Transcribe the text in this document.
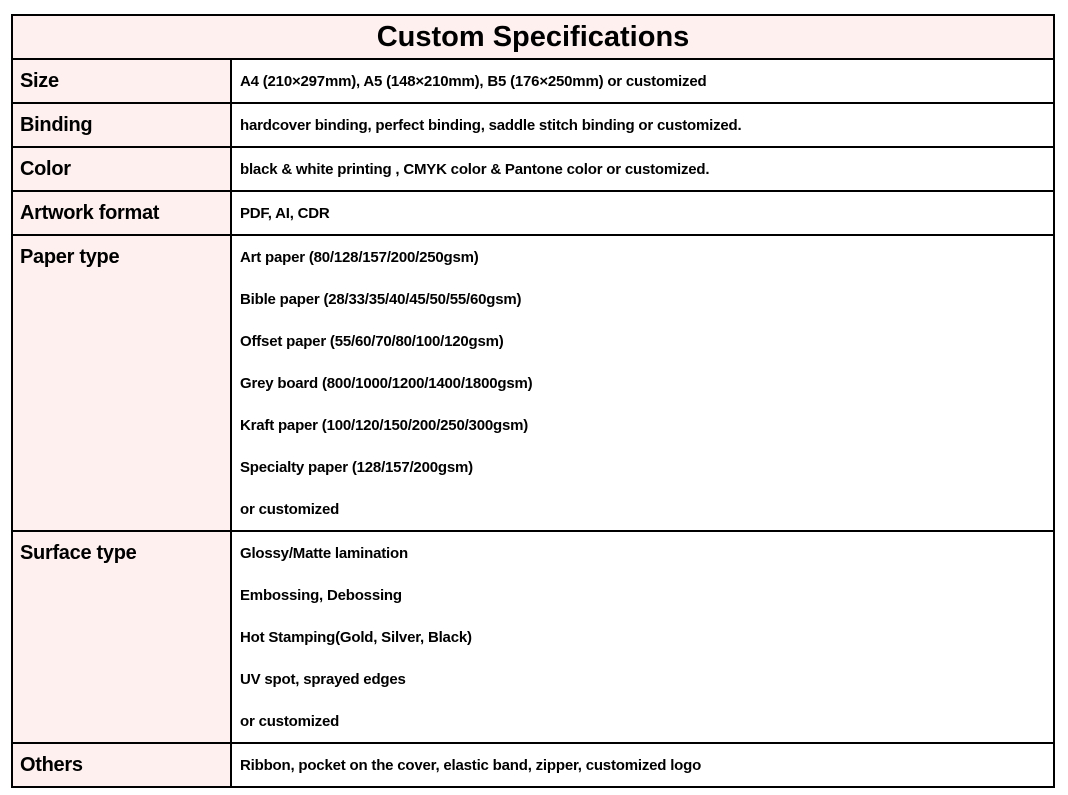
Custom Specifications
Size	A4 (210×297mm), A5 (148×210mm), B5 (176×250mm) or customized
Binding	hardcover binding, perfect binding, saddle stitch binding or customized.
Color	black & white printing , CMYK color & Pantone color or customized.
Artwork format	PDF, AI, CDR
Paper type	Art paper (80/128/157/200/250gsm)
Bible paper (28/33/35/40/45/50/55/60gsm)
Offset paper (55/60/70/80/100/120gsm)
Grey board (800/1000/1200/1400/1800gsm)
Kraft paper (100/120/150/200/250/300gsm)
Specialty paper (128/157/200gsm)
or customized
Surface type	Glossy/Matte lamination
Embossing, Debossing
Hot Stamping(Gold, Silver, Black)
UV spot, sprayed edges
or customized
Others	Ribbon, pocket on the cover, elastic band, zipper, customized logo
